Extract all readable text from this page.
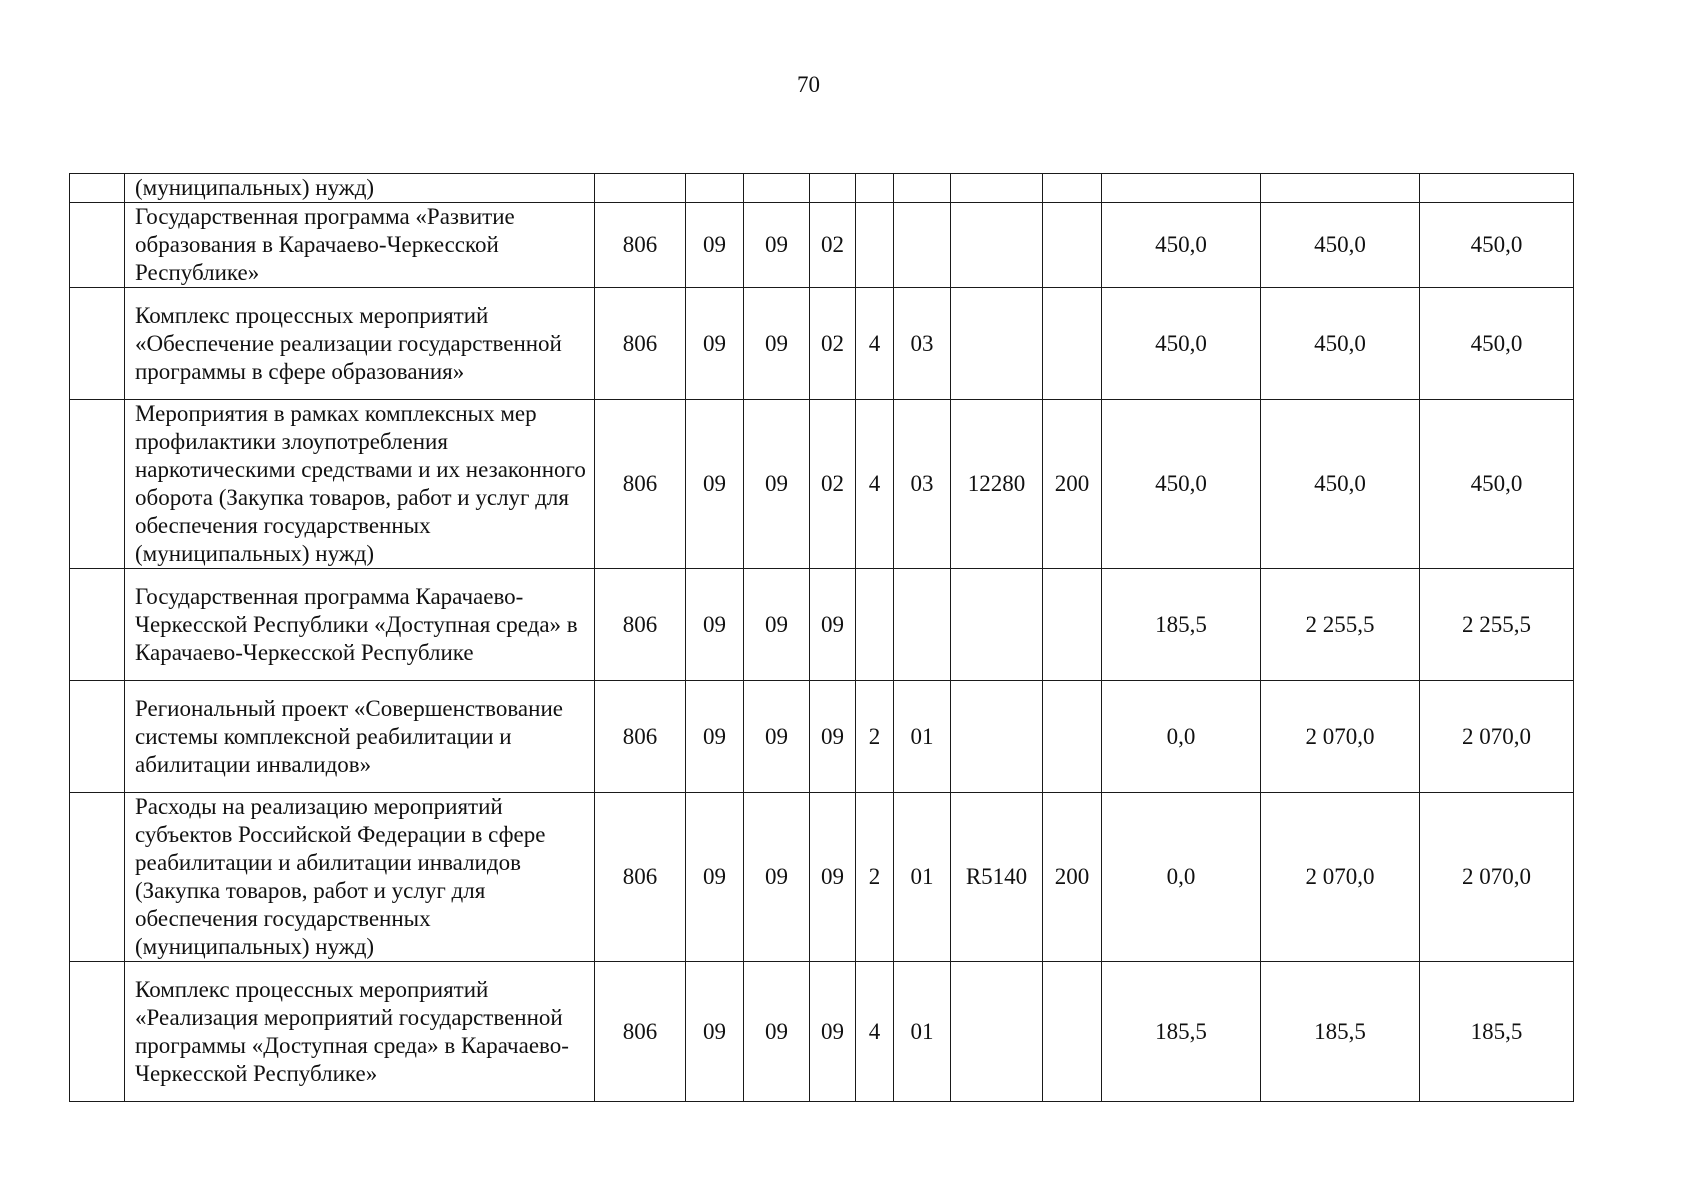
70
	(муниципальных) нужд)											
	Государственная программа «Развитие образования в Карачаево-Черкесской Республике»	806	09	09	02					450,0	450,0	450,0
	Комплекс процессных мероприятий «Обеспечение реализации государственной программы в сфере образования»	806	09	09	02	4	03			450,0	450,0	450,0
	Мероприятия в рамках комплексных мер профилактики злоупотребления наркотическими средствами и их незаконного оборота (Закупка товаров, работ и услуг для обеспечения государственных (муниципальных) нужд)	806	09	09	02	4	03	12280	200	450,0	450,0	450,0
	Государственная программа Карачаево-Черкесской Республики «Доступная среда» в Карачаево-Черкесской Республике	806	09	09	09					185,5	2 255,5	2 255,5
	Региональный проект «Совершенствование системы комплексной реабилитации и абилитации инвалидов»	806	09	09	09	2	01			0,0	2 070,0	2 070,0
	Расходы на реализацию мероприятий субъектов Российской Федерации в сфере реабилитации и абилитации инвалидов (Закупка товаров, работ и услуг для обеспечения государственных (муниципальных) нужд)	806	09	09	09	2	01	R5140	200	0,0	2 070,0	2 070,0
	Комплекс процессных мероприятий «Реализация мероприятий государственной программы «Доступная среда» в Карачаево-Черкесской Республике»	806	09	09	09	4	01			185,5	185,5	185,5
